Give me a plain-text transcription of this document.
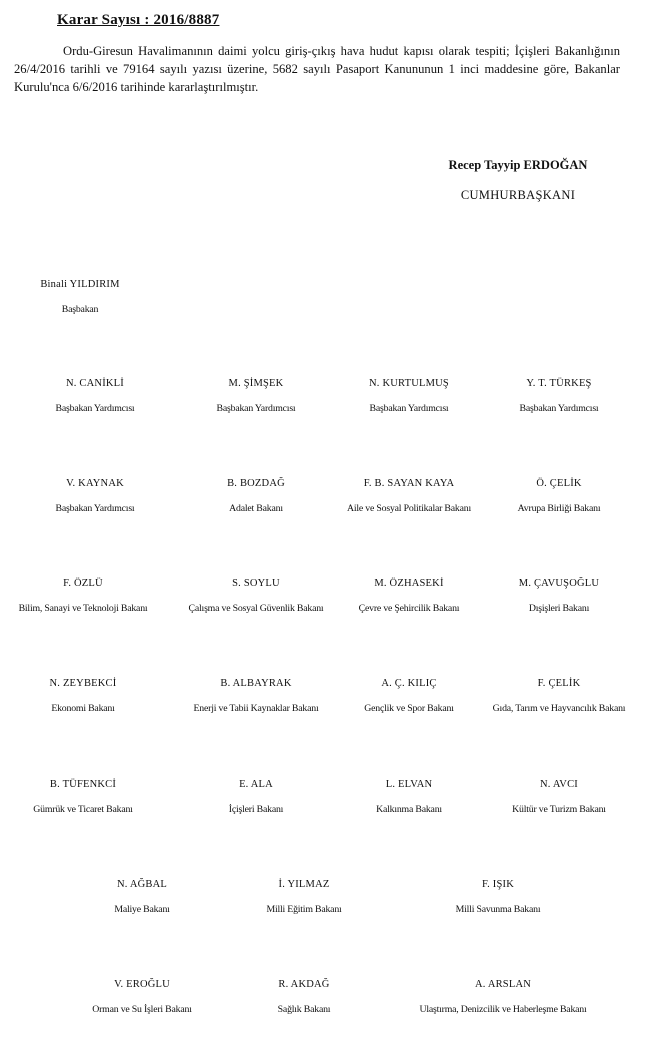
Karar Sayısı : 2016/8887
Ordu-Giresun Havalimanının daimi yolcu giriş-çıkış hava hudut kapısı olarak tespiti; İçişleri Bakanlığının 26/4/2016 tarihli ve 79164 sayılı yazısı üzerine, 5682 sayılı Pasaport Kanununun 1 inci maddesine göre, Bakanlar Kurulu'nca 6/6/2016 tarihinde kararlaştırılmıştır.
Recep Tayyip ERDOĞAN
CUMHURBAŞKANI
Binali YILDIRIM
Başbakan
N. CANİKLİ
Başbakan Yardımcısı
M. ŞİMŞEK
Başbakan Yardımcısı
N. KURTULMUŞ
Başbakan Yardımcısı
Y. T. TÜRKEŞ
Başbakan Yardımcısı
V. KAYNAK
Başbakan Yardımcısı
B. BOZDAĞ
Adalet Bakanı
F. B. SAYAN KAYA
Aile ve Sosyal Politikalar Bakanı
Ö. ÇELİK
Avrupa Birliği Bakanı
F. ÖZLÜ
Bilim, Sanayi ve Teknoloji Bakanı
S. SOYLU
Çalışma ve Sosyal Güvenlik Bakanı
M. ÖZHASEKİ
Çevre ve Şehircilik Bakanı
M. ÇAVUŞOĞLU
Dışişleri Bakanı
N. ZEYBEKCİ
Ekonomi Bakanı
B. ALBAYRAK
Enerji ve Tabii Kaynaklar Bakanı
A. Ç. KILIÇ
Gençlik ve Spor Bakanı
F. ÇELİK
Gıda, Tarım ve Hayvancılık Bakanı
B. TÜFENKCİ
Gümrük ve Ticaret Bakanı
E. ALA
İçişleri Bakanı
L. ELVAN
Kalkınma Bakanı
N. AVCI
Kültür ve Turizm Bakanı
N. AĞBAL
Maliye Bakanı
İ. YILMAZ
Milli Eğitim Bakanı
F. IŞIK
Milli Savunma Bakanı
V. EROĞLU
Orman ve Su İşleri Bakanı
R. AKDAĞ
Sağlık Bakanı
A. ARSLAN
Ulaştırma, Denizcilik ve Haberleşme Bakanı
